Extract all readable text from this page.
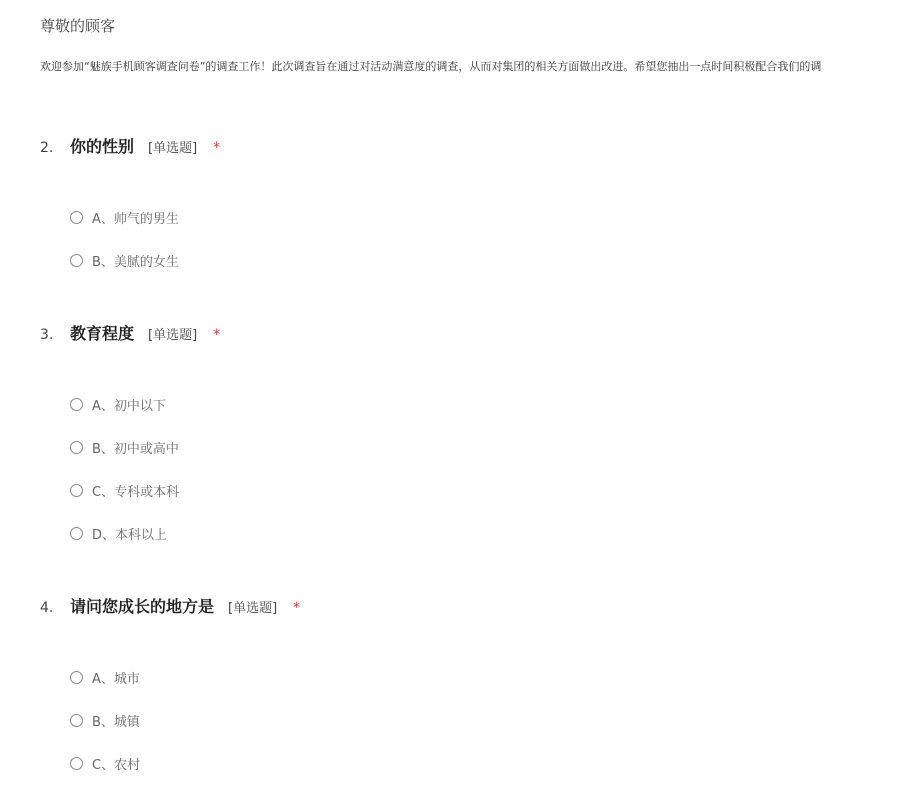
尊敬的顾客
欢迎参加“魅族手机顾客调查问卷”的调查工作！此次调查旨在通过对活动满意度的调查，从而对集团的相关方面做出改进。希望您抽出一点时间积极配合我们的调
2.	你的性别 [单选题] *
A、帅气的男生
B、美腻的女生
3.	教育程度 [单选题] *
A、初中以下
B、初中或高中
C、专科或本科
D、本科以上
4.	请问您成长的地方是 [单选题] *
A、城市
B、城镇
C、农村
